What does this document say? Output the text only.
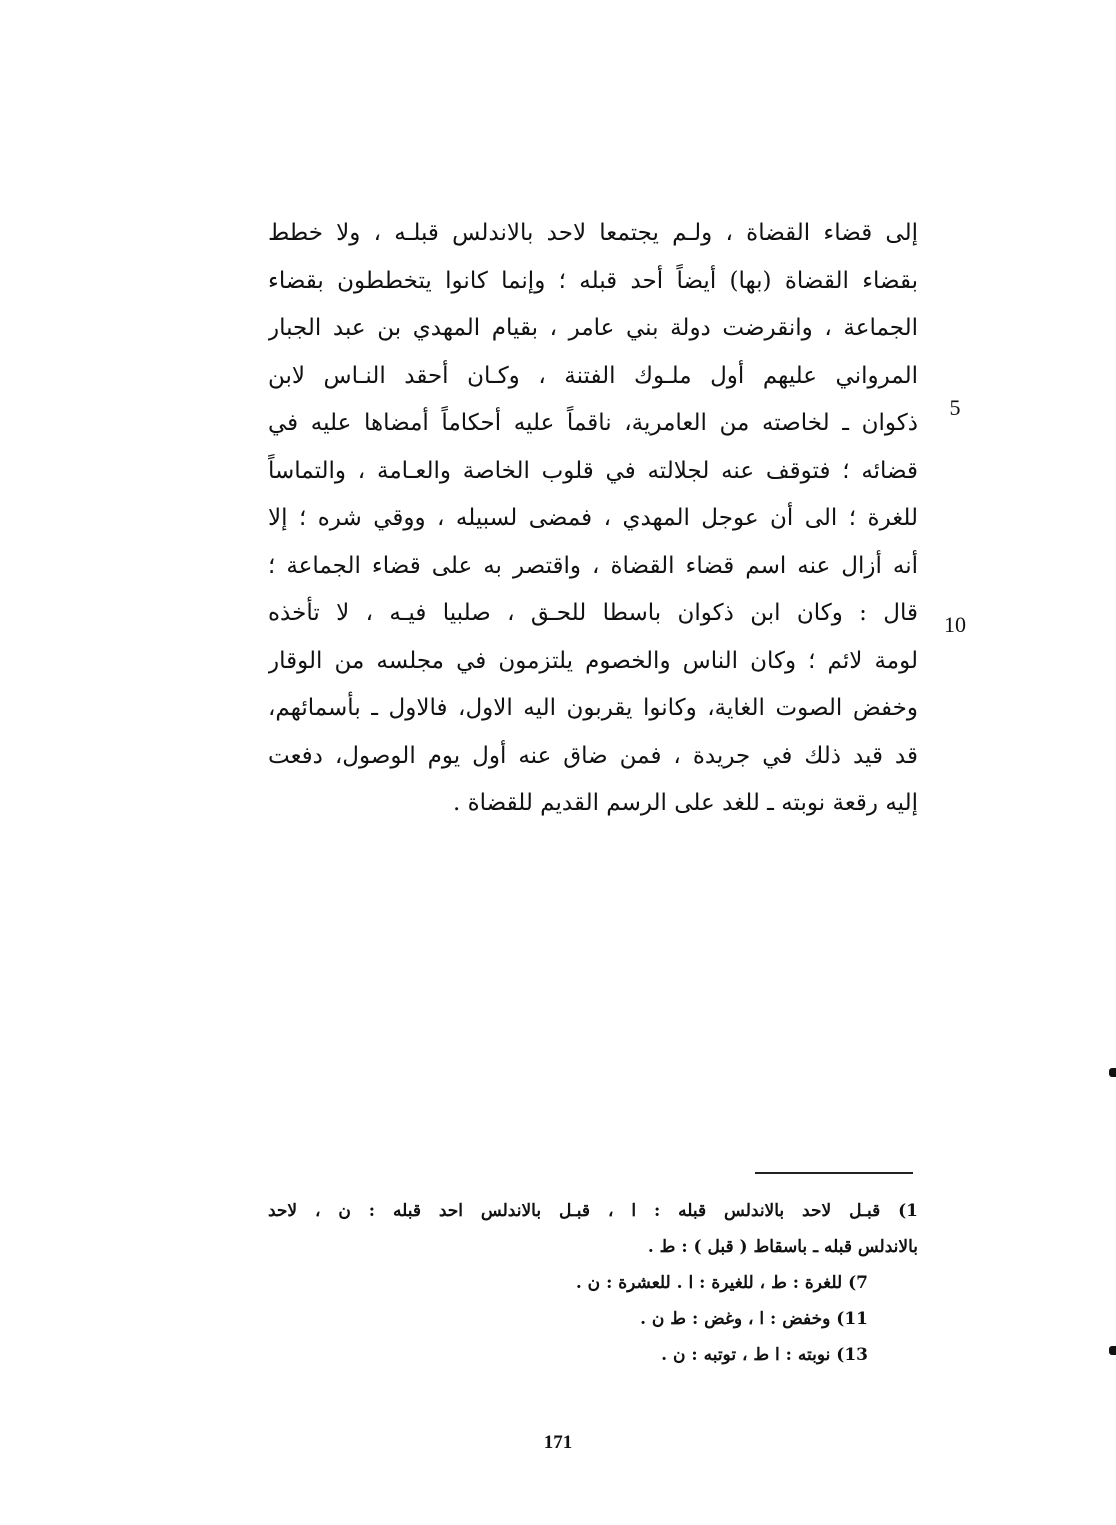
إلى قضاء القضاة ، ولـم يجتمعا لاحد بالاندلس قبلـه ، ولا خطط
بقضاء القضاة (بها) أيضاً أحد قبله ؛ وإنما كانوا يتخططون بقضاء
الجماعة ، وانقرضت دولة بني عامر ، بقيام المهدي بن عبد الجبار
المرواني عليهم أول ملـوك الفتنة ، وكـان أحقد النـاس لابن
ذكوان ـ لخاصته من العامرية، ناقماً عليه أحكاماً أمضاها عليه في
قضائه ؛ فتوقف عنه لجلالته في قلوب الخاصة والعـامة ، والتماساً
للغرة ؛ الى أن عوجل المهدي ، فمضى لسبيله ، ووقي شره ؛ إلا
أنه أزال عنه اسم قضاء القضاة ، واقتصر به على قضاء الجماعة ؛
قال : وكان ابن ذكوان باسطا للحـق ، صلبيا فيـه ، لا تأخذه
لومة لائم ؛ وكان الناس والخصوم يلتزمون في مجلسه من الوقار
وخفض الصوت الغاية، وكانوا يقربون اليه الاول، فالاول ـ بأسمائهم،
قد قيد ذلك في جريدة ، فمن ضاق عنه أول يوم الوصول، دفعت
إليه رقعة نوبته ـ للغد على الرسم القديم للقضاة .
5
10
1) قبـل لاحد بالاندلس قبله : ا ، قبـل بالاندلس احد قبله : ن ، لاحد
بالاندلس قبله ـ باسقاط ( قبل ) : ط .
7) للغرة : ط ، للغيرة : ا . للعشرة : ن .
11) وخفض : ا ، وغض : ط ن .
13) نوبته : ا ط ، توتبه : ن .
171
